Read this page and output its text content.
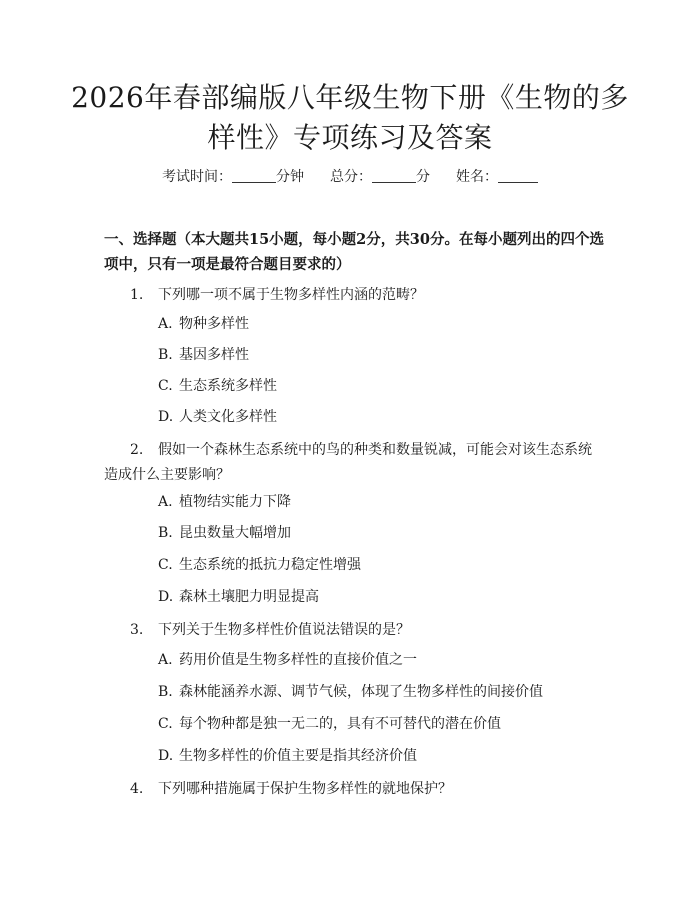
2026年春部编版八年级生物下册《生物的多
样性》专项练习及答案
考试时间：	分钟 总分：	分 姓名：
一、选择题（本大题共15小题，每小题2分，共30分。在每小题列出的四个选项中，只有一项是最符合题目要求的）
1. 下列哪一项不属于生物多样性内涵的范畴？
A. 物种多样性
B. 基因多样性
C. 生态系统多样性
D. 人类文化多样性
2. 假如一个森林生态系统中的鸟的种类和数量锐减，可能会对该生态系统造成什么主要影响？
A. 植物结实能力下降
B. 昆虫数量大幅增加
C. 生态系统的抵抗力稳定性增强
D. 森林土壤肥力明显提高
3. 下列关于生物多样性价值说法错误的是？
A. 药用价值是生物多样性的直接价值之一
B. 森林能涵养水源、调节气候，体现了生物多样性的间接价值
C. 每个物种都是独一无二的，具有不可替代的潜在价值
D. 生物多样性的价值主要是指其经济价值
4. 下列哪种措施属于保护生物多样性的就地保护？
